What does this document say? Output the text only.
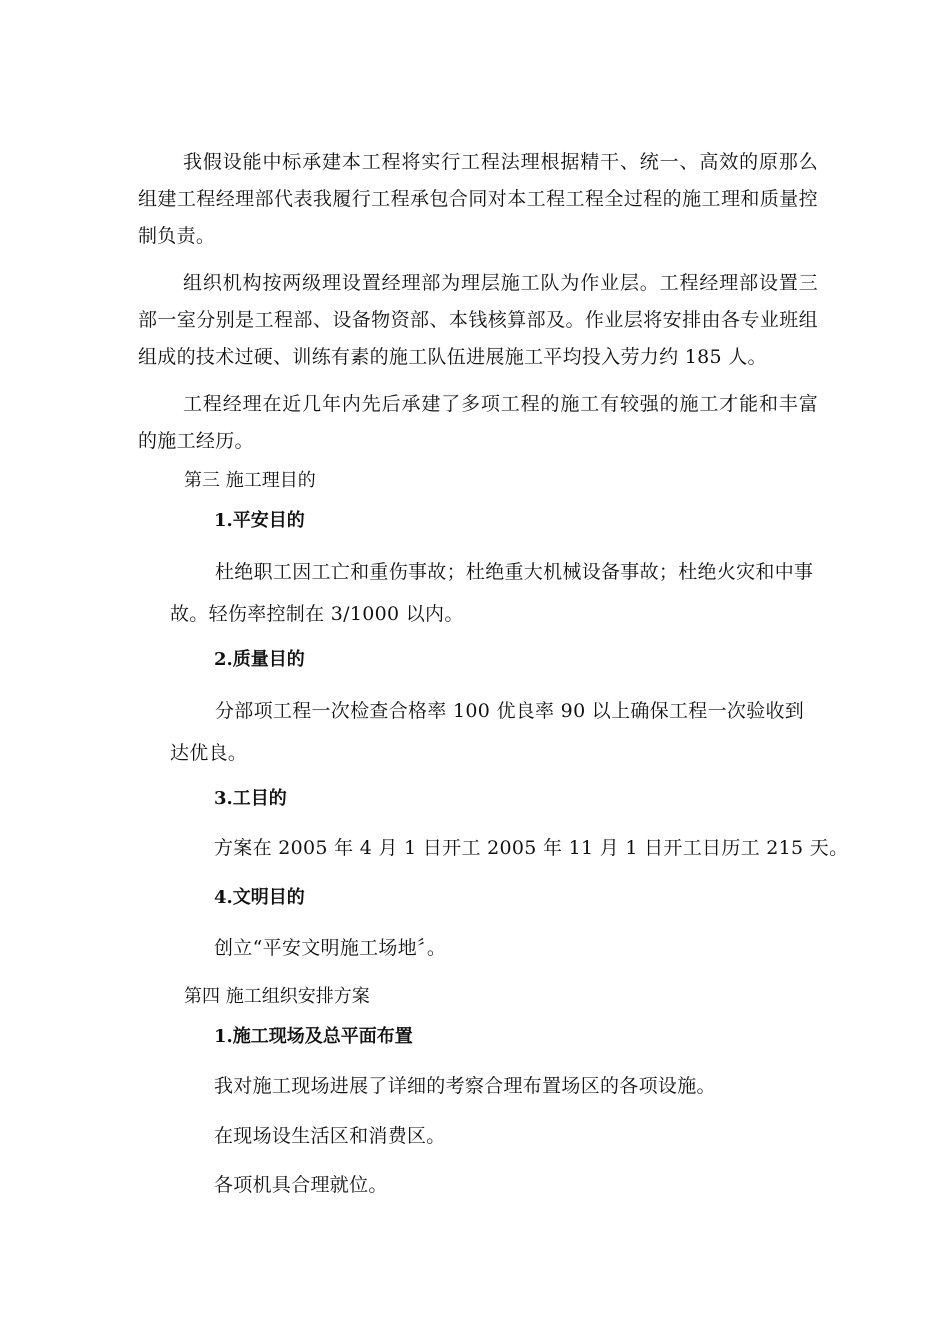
我假设能中标承建本工程将实行工程法理根据精干、统一、高效的原那么组建工程经理部代表我履行工程承包合同对本工程工程全过程的施工理和质量控制负责。

组织机构按两级理设置经理部为理层施工队为作业层。工程经理部设置三部一室分别是工程部、设备物资部、本钱核算部及。作业层将安排由各专业班组组成的技术过硬、训练有素的施工队伍进展施工平均投入劳力约 185 人。

工程经理在近几年内先后承建了多项工程的施工有较强的施工才能和丰富的施工经历。

第三 施工理目的

1.平安目的

杜绝职工因工亡和重伤事故；杜绝重大机械设备事故；杜绝火灾和中事故。轻伤率控制在 3/1000 以内。

2.质量目的

分部项工程一次检查合格率 100 优良率 90 以上确保工程一次验收到达优良。

3.工目的

方案在 2005 年 4 月 1 日开工 2005 年 11 月 1 日开工日历工 215 天。

4.文明目的

创立“平安文明施工场地〞。

第四 施工组织安排方案

1.施工现场及总平面布置

我对施工现场进展了详细的考察合理布置场区的各项设施。

在现场设生活区和消费区。

各项机具合理就位。
